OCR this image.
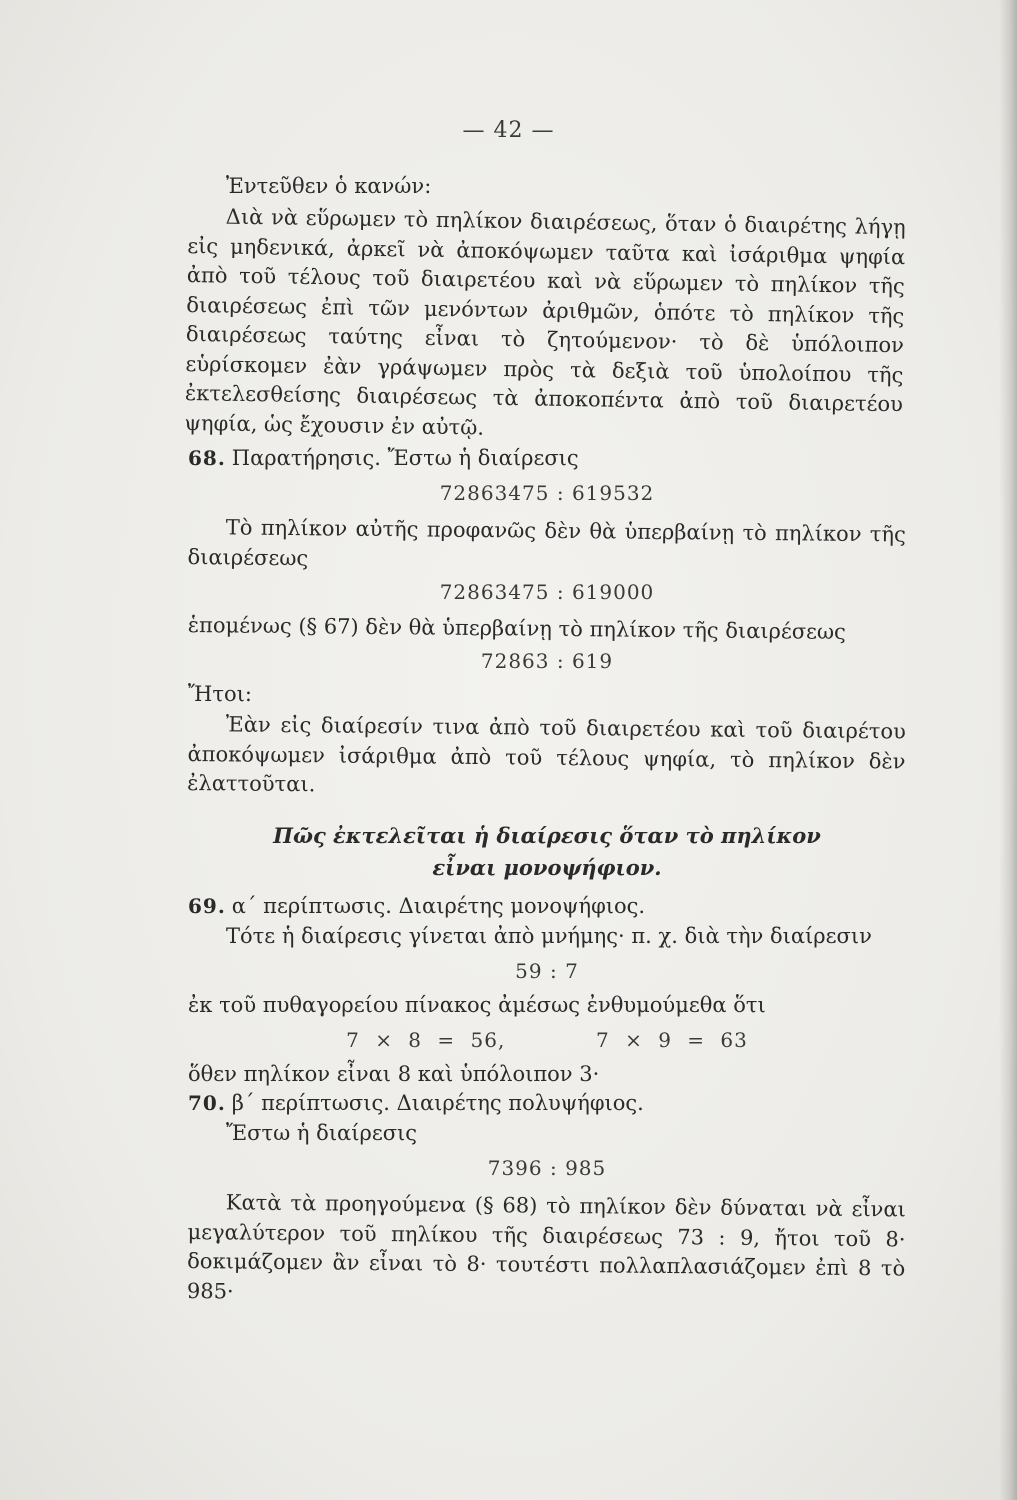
— 42 —

Ἐντεῦθεν ὁ κανών:

Διὰ νὰ εὕρωμεν τὸ πηλίκον διαιρέσεως, ὅταν ὁ διαιρέτης λήγῃ εἰς μηδενικά, ἀρκεῖ νὰ ἀποκόψωμεν ταῦτα καὶ ἰσάριθμα ψηφία ἀπὸ τοῦ τέλους τοῦ διαιρετέου καὶ νὰ εὕρωμεν τὸ πηλίκον τῆς διαιρέσεως ἐπὶ τῶν μενόντων ἀριθμῶν, ὁπότε τὸ πηλίκον τῆς διαιρέσεως ταύτης εἶναι τὸ ζητούμενον· τὸ δὲ ὑπόλοιπον εὑρίσκομεν ἐὰν γράψωμεν πρὸς τὰ δεξιὰ τοῦ ὑπολοίπου τῆς ἐκτελεσθείσης διαιρέσεως τὰ ἀποκοπέντα ἀπὸ τοῦ διαιρετέου ψηφία, ὡς ἔχουσιν ἐν αὐτῷ.

68. Παρατήρησις. Ἔστω ἡ διαίρεσις

72863475 : 619532

Τὸ πηλίκον αὐτῆς προφανῶς δὲν θὰ ὑπερβαίνῃ τὸ πηλίκον τῆς διαιρέσεως

72863475 : 619000

ἑπομένως (§ 67) δὲν θὰ ὑπερβαίνῃ τὸ πηλίκον τῆς διαιρέσεως

72863 : 619

Ἤτοι:

Ἐὰν εἰς διαίρεσίν τινα ἀπὸ τοῦ διαιρετέου καὶ τοῦ διαιρέτου ἀποκόψωμεν ἰσάριθμα ἀπὸ τοῦ τέλους ψηφία, τὸ πηλίκον δὲν ἐλαττοῦται.

Πῶς ἐκτελεῖται ἡ διαίρεσις ὅταν τὸ πηλίκον
εἶναι μονοψήφιον.

69. α΄ περίπτωσις. Διαιρέτης μονοψήφιος.

Τότε ἡ διαίρεσις γίνεται ἀπὸ μνήμης· π. χ. διὰ τὴν διαίρεσιν

59 : 7

ἐκ τοῦ πυθαγορείου πίνακος ἀμέσως ἐνθυμούμεθα ὅτι

7 × 8 = 56,	7 × 9 = 63

ὅθεν πηλίκον εἶναι 8 καὶ ὑπόλοιπον 3·

70. β΄ περίπτωσις. Διαιρέτης πολυψήφιος.

Ἔστω ἡ διαίρεσις

7396 : 985

Κατὰ τὰ προηγούμενα (§ 68) τὸ πηλίκον δὲν δύναται νὰ εἶναι μεγαλύτερον τοῦ πηλίκου τῆς διαιρέσεως 73 : 9, ἤτοι τοῦ 8· δοκιμάζομεν ἂν εἶναι τὸ 8· τουτέστι πολλαπλασιάζομεν ἐπὶ 8 τὸ 985·
